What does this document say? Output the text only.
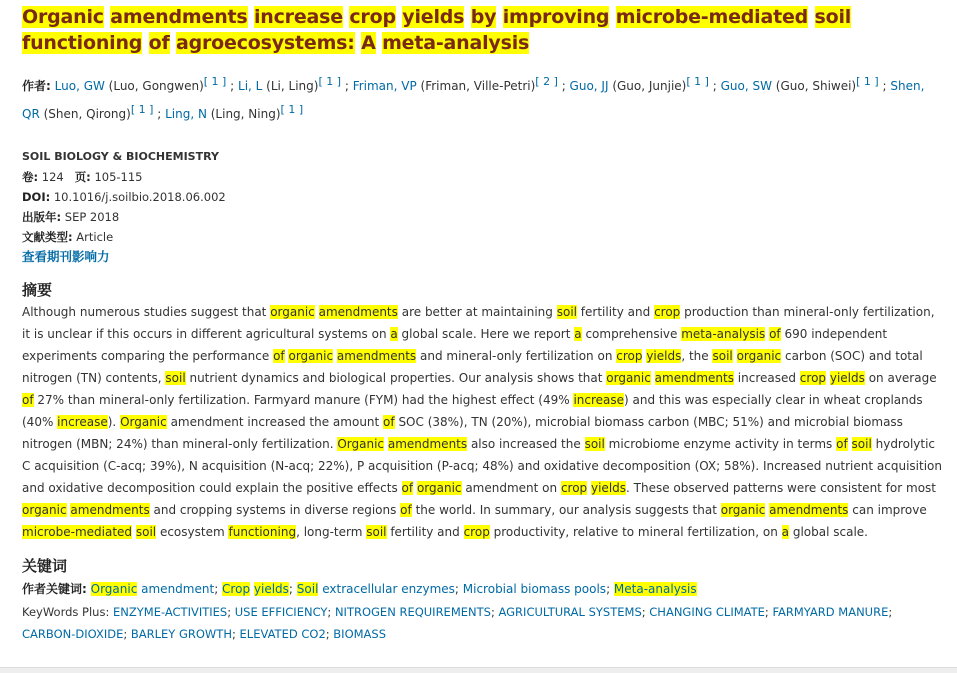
Organic amendments increase crop yields by improving microbe-mediated soil functioning of agroecosystems: A meta-analysis
作者: Luo, GW (Luo, Gongwen)[ 1 ] ; Li, L (Li, Ling)[ 1 ] ; Friman, VP (Friman, Ville-Petri)[ 2 ] ; Guo, JJ (Guo, Junjie)[ 1 ] ; Guo, SW (Guo, Shiwei)[ 1 ] ; Shen, QR (Shen, Qirong)[ 1 ] ; Ling, N (Ling, Ning)[ 1 ]
SOIL BIOLOGY & BIOCHEMISTRY
卷: 124 页: 105-115
DOI: 10.1016/j.soilbio.2018.06.002
出版年: SEP 2018
文献类型: Article
查看期刊影响力
摘要
Although numerous studies suggest that organic amendments are better at maintaining soil fertility and crop production than mineral-only fertilization, it is unclear if this occurs in different agricultural systems on a global scale. Here we report a comprehensive meta-analysis of 690 independent experiments comparing the performance of organic amendments and mineral-only fertilization on crop yields, the soil organic carbon (SOC) and total nitrogen (TN) contents, soil nutrient dynamics and biological properties. Our analysis shows that organic amendments increased crop yields on average of 27% than mineral-only fertilization. Farmyard manure (FYM) had the highest effect (49% increase) and this was especially clear in wheat croplands (40% increase). Organic amendment increased the amount of SOC (38%), TN (20%), microbial biomass carbon (MBC; 51%) and microbial biomass nitrogen (MBN; 24%) than mineral-only fertilization. Organic amendments also increased the soil microbiome enzyme activity in terms of soil hydrolytic C acquisition (C-acq; 39%), N acquisition (N-acq; 22%), P acquisition (P-acq; 48%) and oxidative decomposition (OX; 58%). Increased nutrient acquisition and oxidative decomposition could explain the positive effects of organic amendment on crop yields. These observed patterns were consistent for most organic amendments and cropping systems in diverse regions of the world. In summary, our analysis suggests that organic amendments can improve microbe-mediated soil ecosystem functioning, long-term soil fertility and crop productivity, relative to mineral fertilization, on a global scale.
关键词
作者关键词: Organic amendment; Crop yields; Soil extracellular enzymes; Microbial biomass pools; Meta-analysis
KeyWords Plus: ENZYME-ACTIVITIES; USE EFFICIENCY; NITROGEN REQUIREMENTS; AGRICULTURAL SYSTEMS; CHANGING CLIMATE; FARMYARD MANURE; CARBON-DIOXIDE; BARLEY GROWTH; ELEVATED CO2; BIOMASS
